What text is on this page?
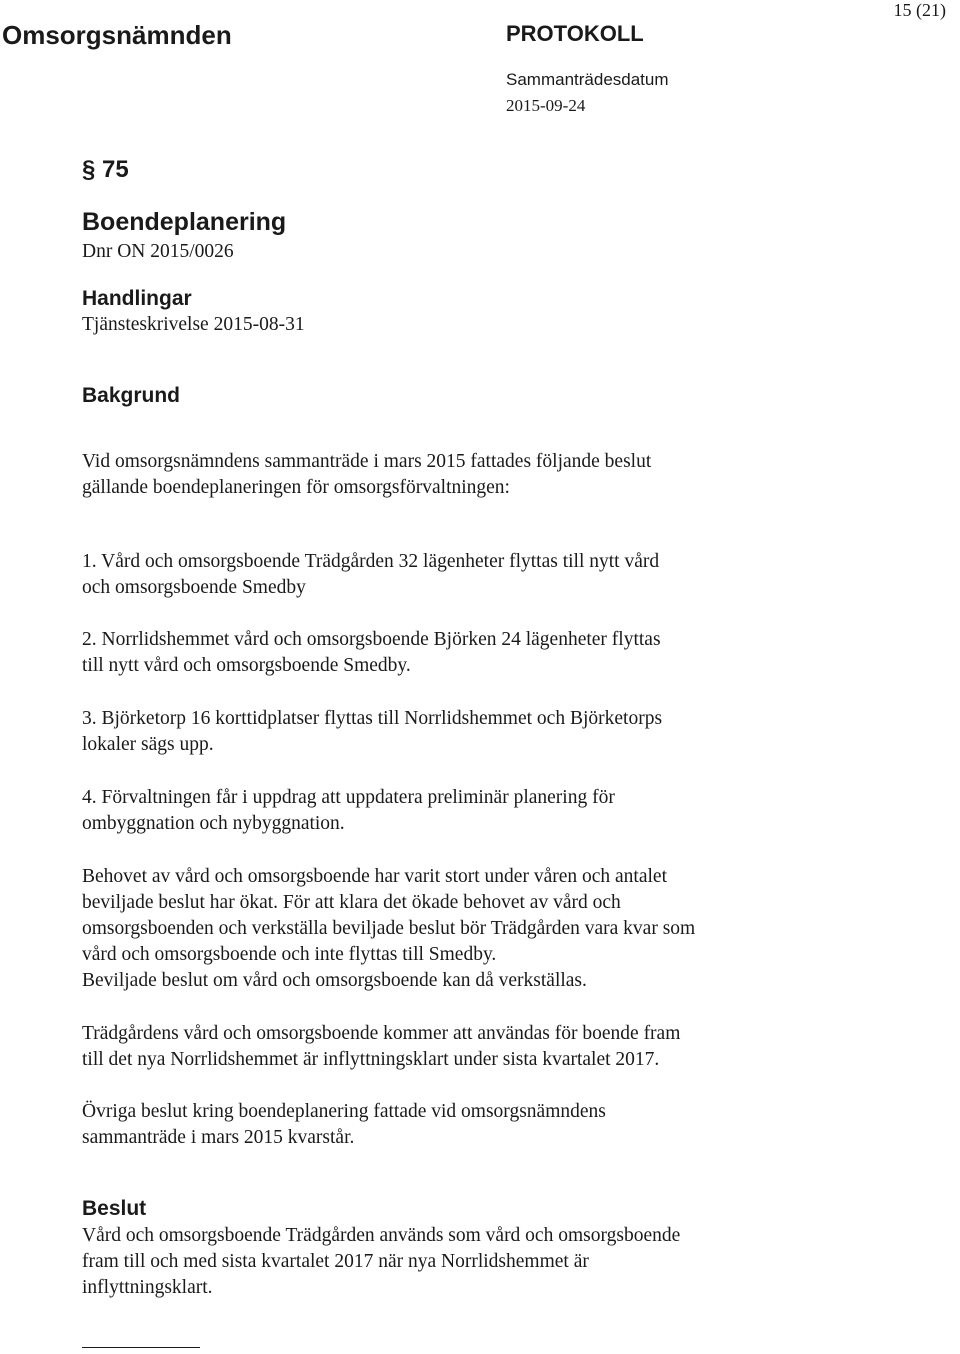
15 (21)
Omsorgsnämnden	PROTOKOLL
Sammanträdesdatum
2015-09-24
§ 75
Boendeplanering
Dnr ON 2015/0026
Handlingar
Tjänsteskrivelse 2015-08-31
Bakgrund

Vid omsorgsnämndens sammanträde i mars 2015 fattades följande beslut

gällande boendeplaneringen för omsorgsförvaltningen:

1. Vård och omsorgsboende Trädgården 32 lägenheter flyttas till nytt vård

och omsorgsboende Smedby

2. Norrlidshemmet vård och omsorgsboende Björken 24 lägenheter flyttas

till nytt vård och omsorgsboende Smedby.

3. Björketorp 16 korttidplatser flyttas till Norrlidshemmet och Björketorps

lokaler sägs upp.

4. Förvaltningen får i uppdrag att uppdatera preliminär planering för

ombyggnation och nybyggnation.

Behovet av vård och omsorgsboende har varit stort under våren och antalet

beviljade beslut har ökat. För att klara det ökade behovet av vård och

omsorgsboenden och verkställa beviljade beslut bör Trädgården vara kvar som

vård och omsorgsboende och inte flyttas till Smedby.

Beviljade beslut om vård och omsorgsboende kan då verkställas.

Trädgårdens vård och omsorgsboende kommer att användas för boende fram

till det nya Norrlidshemmet är inflyttningsklart under sista kvartalet 2017.

Övriga beslut kring boendeplanering fattade vid omsorgsnämndens

sammanträde i mars 2015 kvarstår.

Beslut

Vård och omsorgsboende Trädgården används som vård och omsorgsboende

fram till och med sista kvartalet 2017 när nya Norrlidshemmet är

inflyttningsklart.
